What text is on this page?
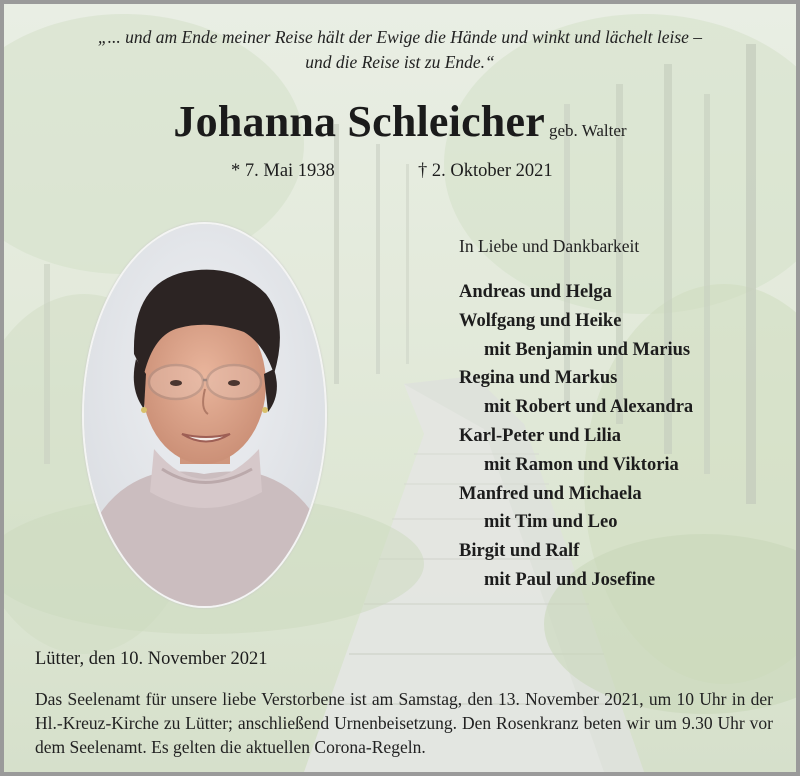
„... und am Ende meiner Reise hält der Ewige die Hände und winkt und lächelt leise –
und die Reise ist zu Ende.“
Johanna Schleicher geb. Walter
* 7. Mai 1938	† 2. Oktober 2021
In Liebe und Dankbarkeit
Andreas und Helga
Wolfgang und Heike
mit Benjamin und Marius
Regina und Markus
mit Robert und Alexandra
Karl-Peter und Lilia
mit Ramon und Viktoria
Manfred und Michaela
mit Tim und Leo
Birgit und Ralf
mit Paul und Josefine
Lütter, den 10. November 2021
Das Seelenamt für unsere liebe Verstorbene ist am Samstag, den 13. November 2021, um 10 Uhr in der Hl.-Kreuz-Kirche zu Lütter; anschließend Urnenbeisetzung. Den Rosenkranz beten wir um 9.30 Uhr vor dem Seelenamt. Es gelten die aktuellen Corona-Regeln.
